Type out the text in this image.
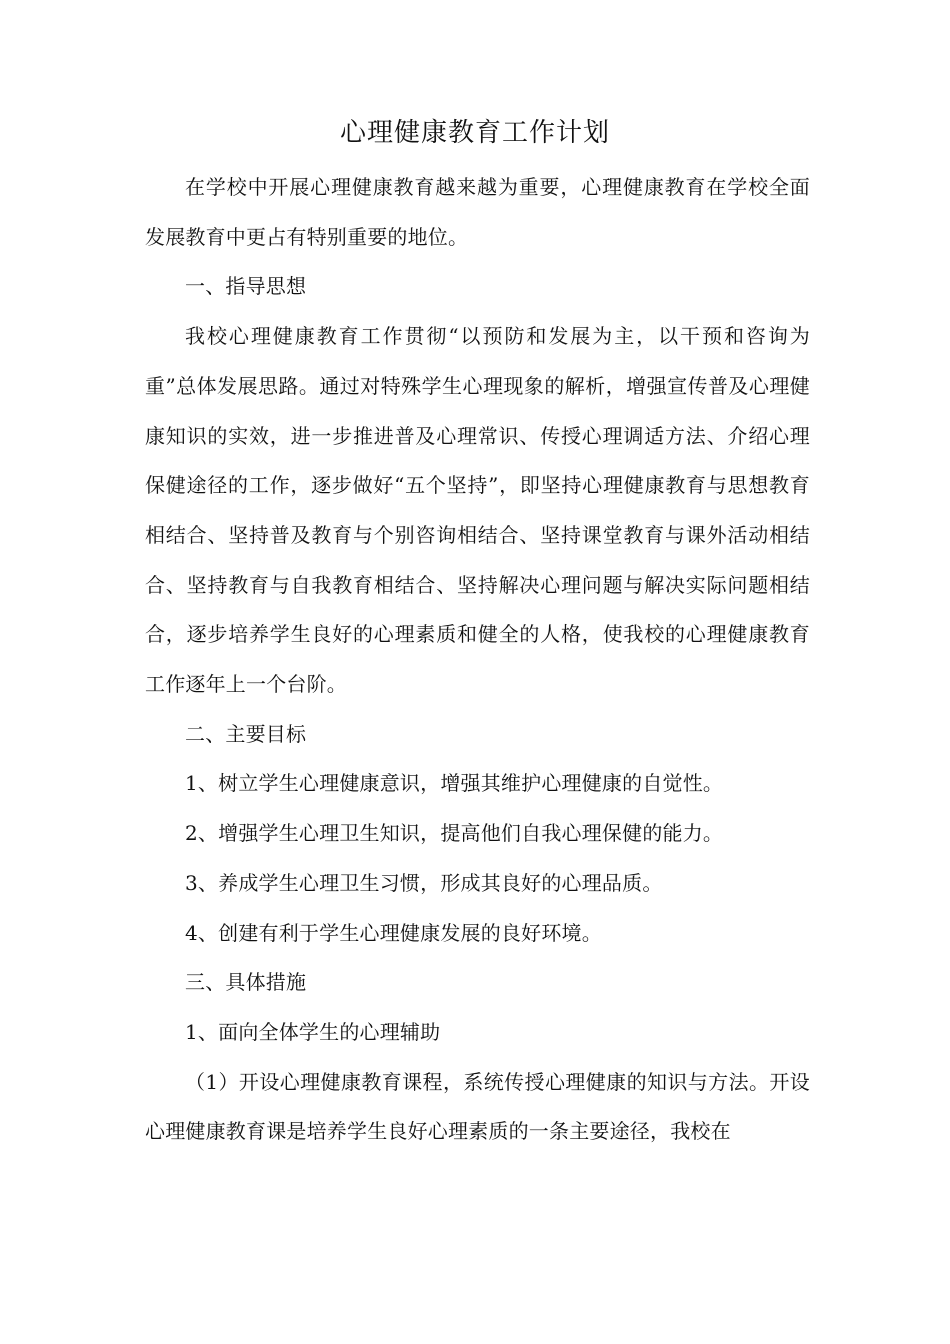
心理健康教育工作计划

在学校中开展心理健康教育越来越为重要，心理健康教育在学校全面发展教育中更占有特别重要的地位。

一、指导思想

我校心理健康教育工作贯彻“以预防和发展为主，以干预和咨询为重”总体发展思路。通过对特殊学生心理现象的解析，增强宣传普及心理健康知识的实效，进一步推进普及心理常识、传授心理调适方法、介绍心理保健途径的工作，逐步做好“五个坚持”，即坚持心理健康教育与思想教育相结合、坚持普及教育与个别咨询相结合、坚持课堂教育与课外活动相结合、坚持教育与自我教育相结合、坚持解决心理问题与解决实际问题相结合，逐步培养学生良好的心理素质和健全的人格，使我校的心理健康教育工作逐年上一个台阶。

二、主要目标

1、树立学生心理健康意识，增强其维护心理健康的自觉性。

2、增强学生心理卫生知识，提高他们自我心理保健的能力。

3、养成学生心理卫生习惯，形成其良好的心理品质。

4、创建有利于学生心理健康发展的良好环境。

三、具体措施

1、面向全体学生的心理辅助

（1）开设心理健康教育课程，系统传授心理健康的知识与方法。开设心理健康教育课是培养学生良好心理素质的一条主要途径，我校在
